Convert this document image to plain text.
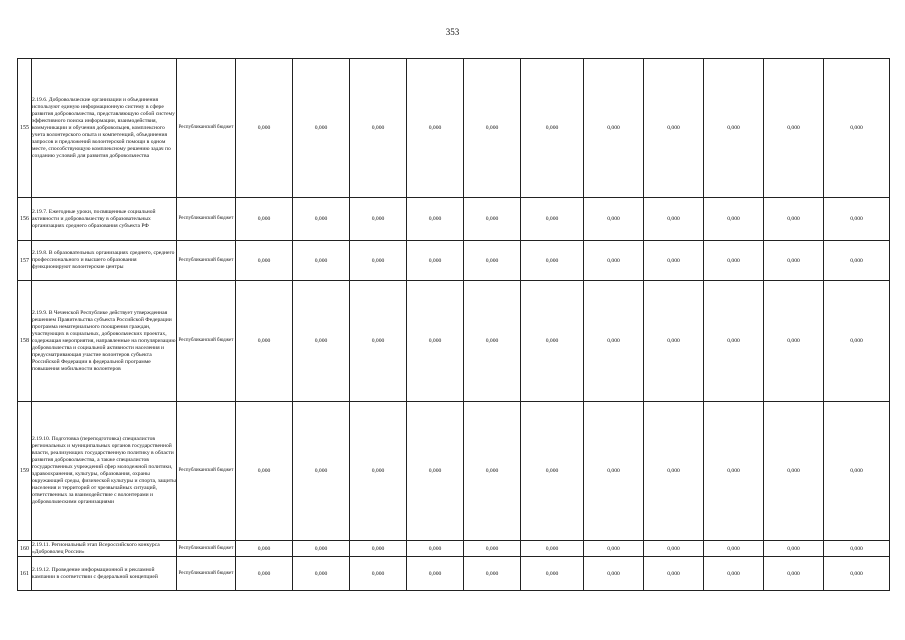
353
155	2.19.6. Добровольческие организации и объединения используют единую информационную систему в сфере развития добровольчества, представляющую собой систему эффективного поиска информации, взаимодействия, коммуникации и обучения добровольцев, комплексного учета волонтерского опыта и компетенций, объединения запросов и предложений волонтерской помощи в одном месте, способствующую комплексному решению задач по созданию условий для развития добровольчества	Республиканский бюджет	0,000	0,000	0,000	0,000	0,000	0,000	0,000	0,000	0,000	0,000	0,000
156	2.19.7. Ежегодные уроки, посвященные социальной активности и добровольчеству в образовательных организациях среднего образования субъекта РФ	Республиканский бюджет	0,000	0,000	0,000	0,000	0,000	0,000	0,000	0,000	0,000	0,000	0,000
157	2.19.8. В образовательных организациях среднего, среднего профессионального и высшего образования функционируют волонтерские центры	Республиканский бюджет	0,000	0,000	0,000	0,000	0,000	0,000	0,000	0,000	0,000	0,000	0,000
158	2.19.9. В Чеченской Республике действует утвержденная решением Правительства субъекта Российской Федерации программа нематериального поощрения граждан, участвующих в социальных, добровольческих проектах, содержащая мероприятия, направленные на популяризацию добровольчества и социальной активности населения и предусматривающая участие волонтеров субъекта Российской Федерации в федеральной программе повышения мобильности волонтеров	Республиканский бюджет	0,000	0,000	0,000	0,000	0,000	0,000	0,000	0,000	0,000	0,000	0,000
159	2.19.10. Подготовка (переподготовка) специалистов региональных и муниципальных органов государственной власти, реализующих государственную политику в области развития добровольчества, а также специалистов государственных учреждений сфер молодежной политики, здравоохранения, культуры, образования, охраны окружающей среды, физической культуры и спорта, защиты населения и территорий от чрезвычайных ситуаций, ответственных за взаимодействие с волонтерами и добровольческими организациями	Республиканский бюджет	0,000	0,000	0,000	0,000	0,000	0,000	0,000	0,000	0,000	0,000	0,000
160	2.19.11. Региональный этап Всероссийского конкурса «Доброволец России»	Республиканский бюджет	0,000	0,000	0,000	0,000	0,000	0,000	0,000	0,000	0,000	0,000	0,000
161	2.19.12. Проведение информационной и рекламной кампании в соответствии с федеральной концепцией	Республиканский бюджет	0,000	0,000	0,000	0,000	0,000	0,000	0,000	0,000	0,000	0,000	0,000
